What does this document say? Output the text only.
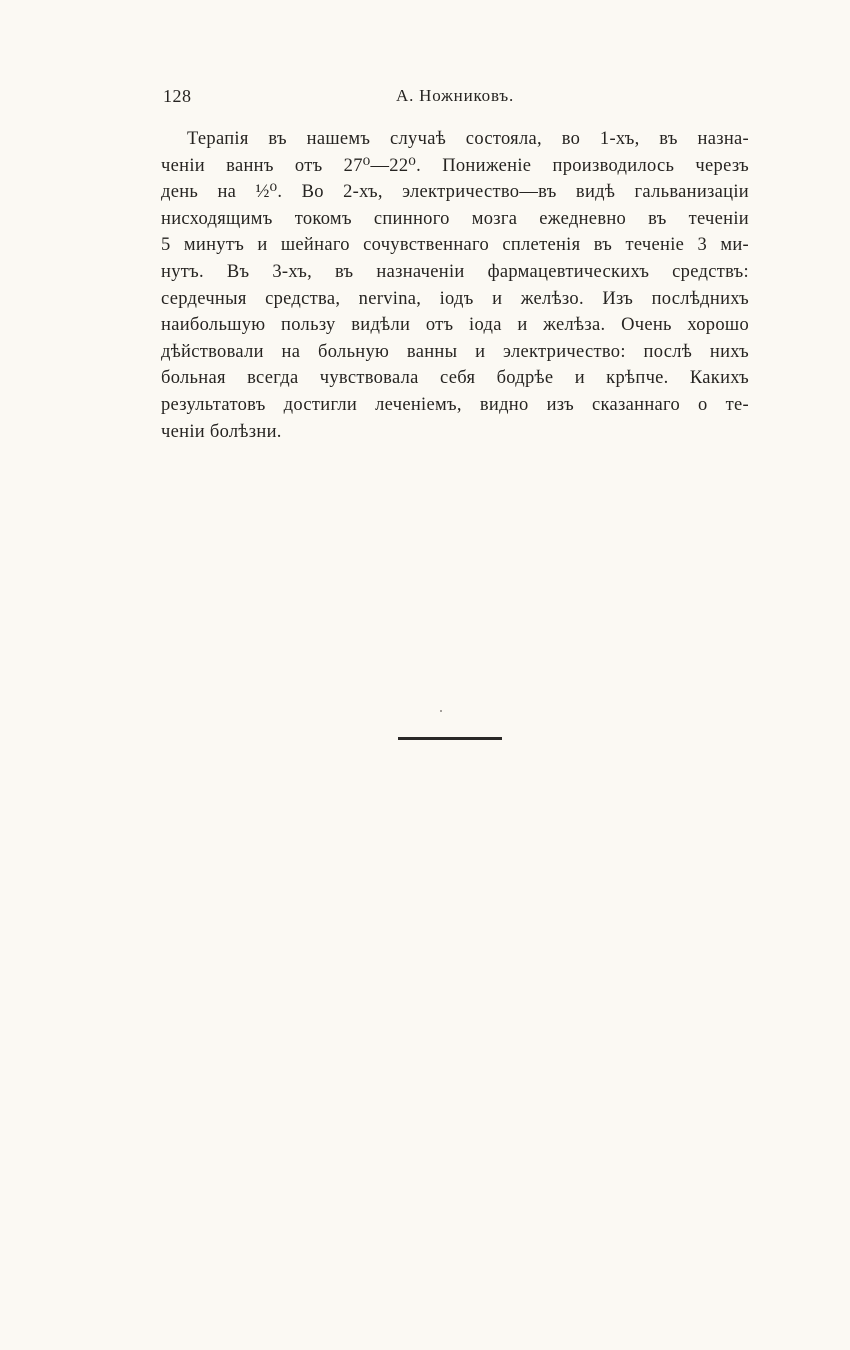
128	А. Ножниковъ.
Терапія въ нашемъ случаѣ состояла, во 1-хъ, въ назна-
ченіи ваннъ отъ 27⁰—22⁰. Пониженіе производилось черезъ
день на ½⁰. Во 2-хъ, электричество—въ видѣ гальванизаціи
нисходящимъ токомъ спинного мозга ежедневно въ теченіи
5 минутъ и шейнаго сочувственнаго сплетенія въ теченіе 3 ми-
нутъ. Въ 3-хъ, въ назначеніи фармацевтическихъ средствъ:
сердечныя средства, nervina, іодъ и желѣзо. Изъ послѣднихъ
наибольшую пользу видѣли отъ іода и желѣза. Очень хорошо
дѣйствовали на больную ванны и электричество: послѣ нихъ
больная всегда чувствовала себя бодрѣе и крѣпче. Какихъ
результатовъ достигли леченіемъ, видно изъ сказаннаго о те-
ченіи болѣзни.
